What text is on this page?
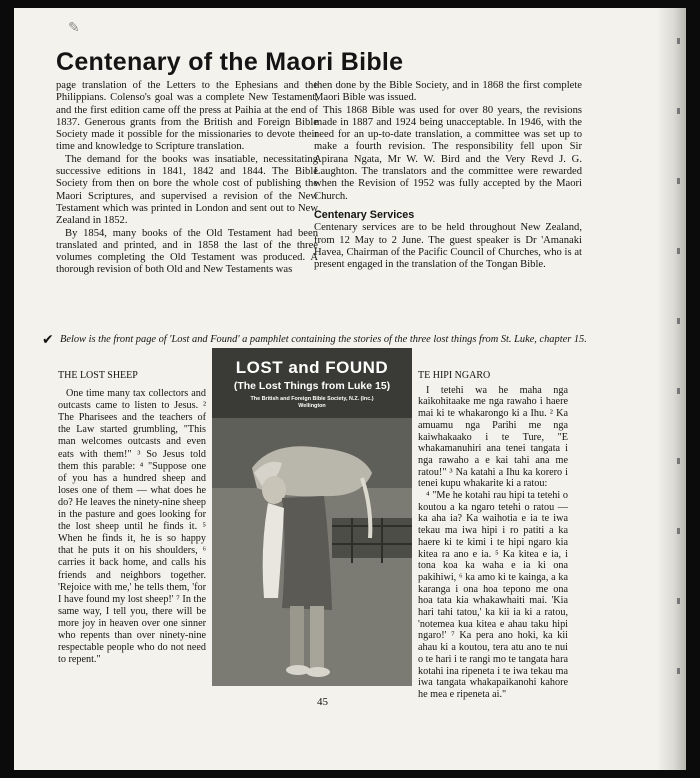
✎
Centenary of the Maori Bible

page translation of the Letters to the Ephesians and the Philippians. Colenso's goal was a complete New Testament, and the first edition came off the press at Paihia at the end of 1837. Generous grants from the British and Foreign Bible Society made it possible for the missionaries to devote their time and knowledge to Scripture translation.

The demand for the books was insatiable, necessitating successive editions in 1841, 1842 and 1844. The Bible Society from then on bore the whole cost of publishing the Maori Scriptures, and supervised a revision of the New Testament which was printed in London and sent out to New Zealand in 1852.

By 1854, many books of the Old Testament had been translated and printed, and in 1858 the last of the three volumes completing the Old Testament was produced. A thorough revision of both Old and New Testaments was

then done by the Bible Society, and in 1868 the first complete Maori Bible was issued.

This 1868 Bible was used for over 80 years, the revisions made in 1887 and 1924 being unacceptable. In 1946, with the need for an up-to-date translation, a committee was set up to make a fourth revision. The responsibility fell upon Sir Apirana Ngata, Mr W. W. Bird and the Very Revd J. G. Laughton. The translators and the committee were rewarded when the Revision of 1952 was fully accepted by the Maori Church.

Centenary Services

Centenary services are to be held throughout New Zealand, from 12 May to 2 June. The guest speaker is Dr 'Amanaki Havea, Chairman of the Pacific Council of Churches, who is at present engaged in the translation of the Tongan Bible.

✔ Below is the front page of 'Lost and Found' a pamphlet containing the stories of the three lost things from St. Luke, chapter 15.

THE LOST SHEEP

One time many tax collectors and outcasts came to listen to Jesus. ² The Pharisees and the teachers of the Law started grumbling, "This man welcomes outcasts and even eats with them!" ³ So Jesus told them this parable: ⁴ "Suppose one of you has a hundred sheep and loses one of them — what does he do? He leaves the ninety-nine sheep in the pasture and goes looking for the lost sheep until he finds it. ⁵ When he finds it, he is so happy that he puts it on his shoulders, ⁶ carries it back home, and calls his friends and neighbors together. 'Rejoice with me,' he tells them, 'for I have found my lost sheep!' ⁷ In the same way, I tell you, there will be more joy in heaven over one sinner who repents than over ninety-nine respectable people who do not need to repent."

LOST and FOUND
(The Lost Things from Luke 15)
The British and Foreign Bible Society, N.Z. (Inc.)
Wellington

TE HIPI NGARO

I tetehi wa he maha nga kaikohitaake me nga rawaho i haere mai ki te whakarongo ki a Ihu. ² Ka amuamu nga Parihi me nga kaiwhakaako i te Ture, "E whakamanuhiri ana tenei tangata i nga rawaho a e kai tahi ana me ratou!" ³ Na katahi a Ihu ka korero i tenei kupu whakarite ki a ratou:

⁴ "Me he kotahi rau hipi ta tetehi o koutou a ka ngaro tetehi o ratou — ka aha ia? Ka waihotia e ia te iwa tekau ma iwa hipi i ro patiti a ka haere ki te kimi i te hipi ngaro kia kitea ra ano e ia. ⁵ Ka kitea e ia, i tona koa ka waha e ia ki ona pakihiwi, ⁶ ka amo ki te kainga, a ka karanga i ona hoa tepono me ona hoa tata kia whakawhaiti mai. 'Kia hari tahi tatou,' ka kii ia ki a ratou, 'notemea kua kitea e ahau taku hipi ngaro!' ⁷ Ka pera ano hoki, ka kii ahau ki a koutou, tera atu ano te nui o te hari i te rangi mo te tangata hara kotahi ina ripeneta i te iwa tekau ma iwa tangata whakapaikanohi kahore he mea e ripeneta ai."

45
